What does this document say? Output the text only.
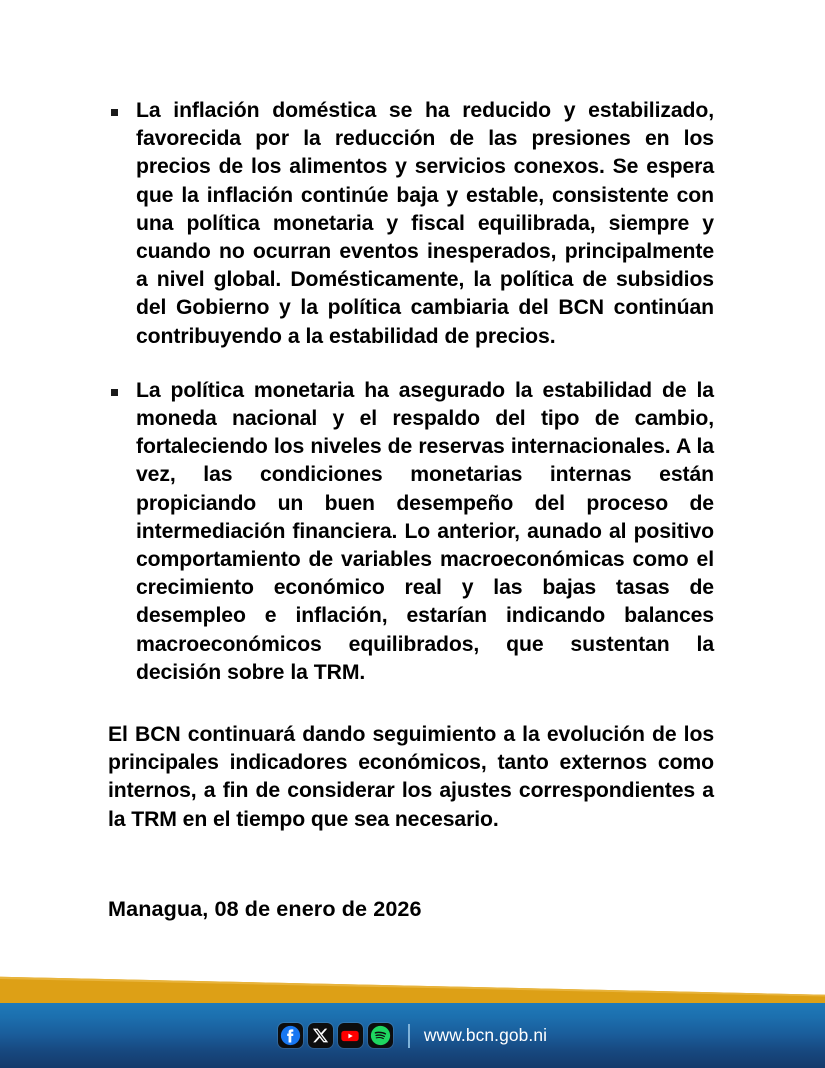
La inflación doméstica se ha reducido y estabilizado, favorecida por la reducción de las presiones en los precios de los alimentos y servicios conexos. Se espera que la inflación continúe baja y estable, consistente con una política monetaria y fiscal equilibrada, siempre y cuando no ocurran eventos inesperados, principalmente a nivel global. Domésticamente, la política de subsidios del Gobierno y la política cambiaria del BCN continúan contribuyendo a la estabilidad de precios.

La política monetaria ha asegurado la estabilidad de la moneda nacional y el respaldo del tipo de cambio, fortaleciendo los niveles de reservas internacionales. A la vez, las condiciones monetarias internas están propiciando un buen desempeño del proceso de intermediación financiera. Lo anterior, aunado al positivo comportamiento de variables macroeconómicas como el crecimiento económico real y las bajas tasas de desempleo e inflación, estarían indicando balances macroeconómicos equilibrados, que sustentan la decisión sobre la TRM.

El BCN continuará dando seguimiento a la evolución de los principales indicadores económicos, tanto externos como internos, a fin de considerar los ajustes correspondientes a la TRM en el tiempo que sea necesario.

Managua, 08 de enero de 2026

www.bcn.gob.ni
